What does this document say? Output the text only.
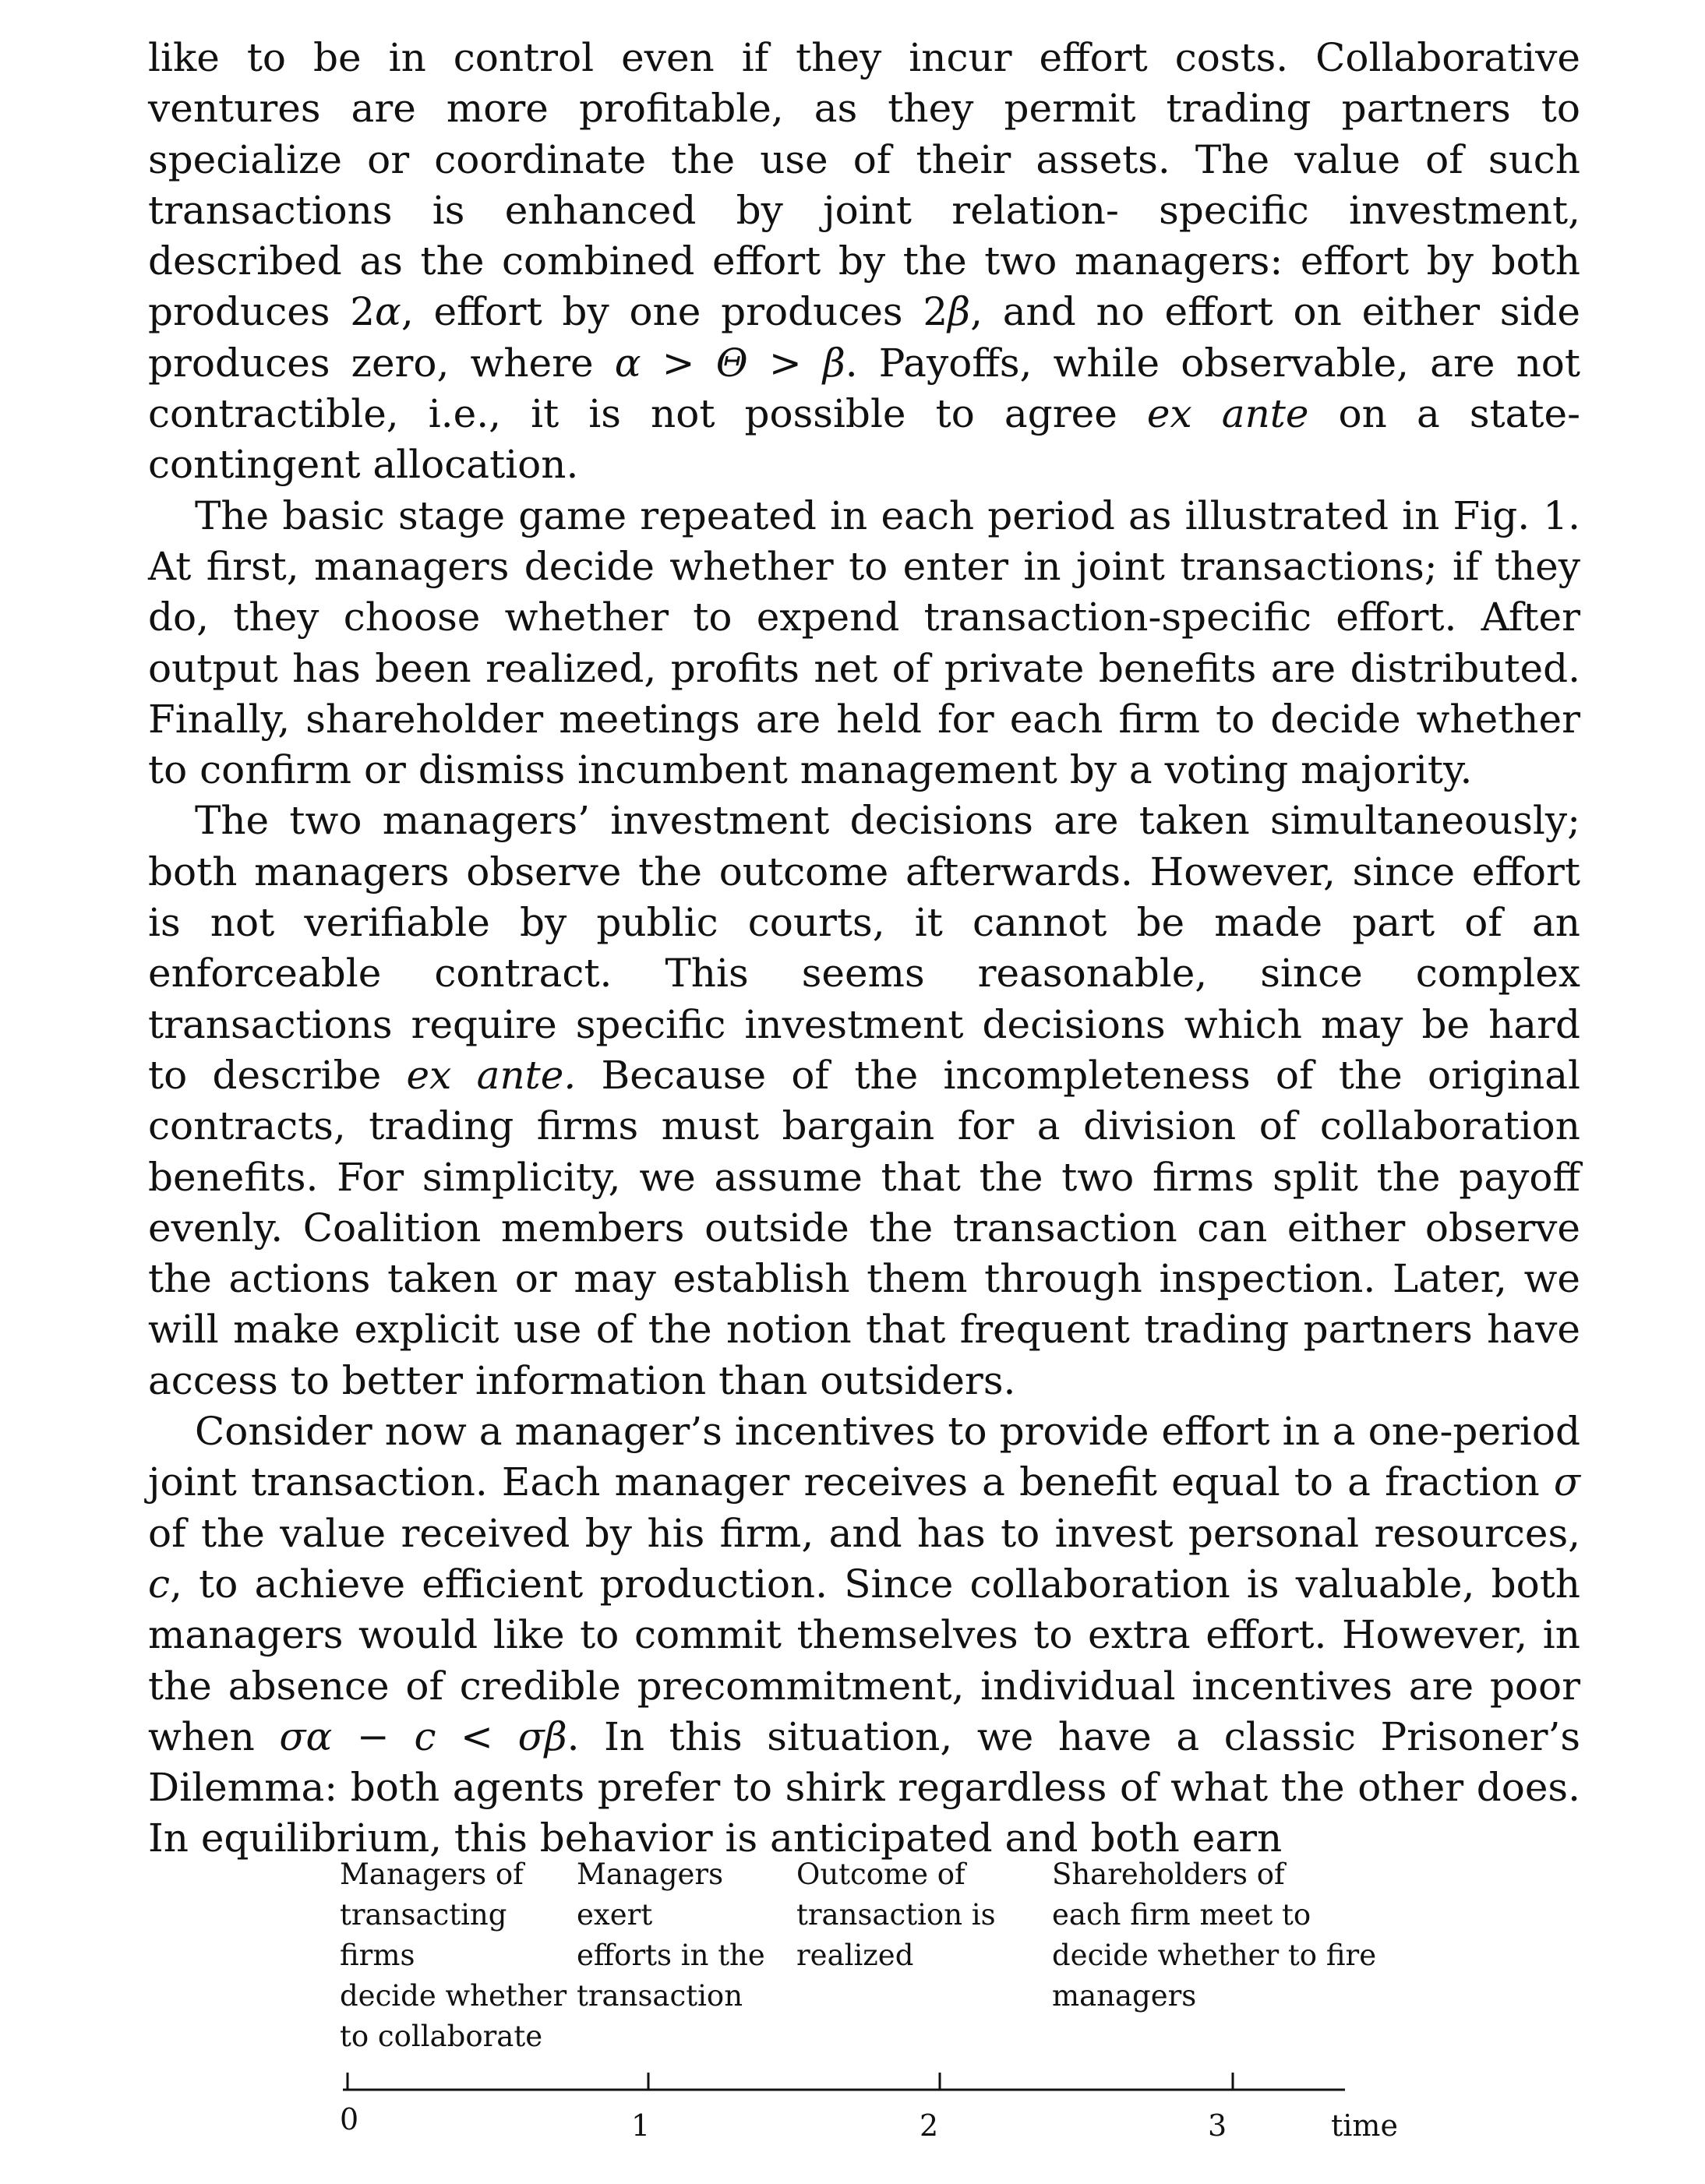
like to be in control even if they incur effort costs. Collaborative ventures are more profitable, as they permit trading partners to specialize or coordinate the use of their assets. The value of such transactions is enhanced by joint relation- specific investment, described as the combined effort by the two managers: effort by both produces 2α, effort by one produces 2β, and no effort on either side produces zero, where α > Θ > β. Payoffs, while observable, are not contractible, i.e., it is not possible to agree ex ante on a state-contingent allocation.

The basic stage game repeated in each period as illustrated in Fig. 1. At first, managers decide whether to enter in joint transactions; if they do, they choose whether to expend transaction-specific effort. After output has been realized, profits net of private benefits are distributed. Finally, shareholder meetings are held for each firm to decide whether to confirm or dismiss incumbent management by a voting majority.

The two managers’ investment decisions are taken simultaneously; both managers observe the outcome afterwards. However, since effort is not verifiable by public courts, it cannot be made part of an enforceable contract. This seems reasonable, since complex transactions require specific investment decisions which may be hard to describe ex ante. Because of the incompleteness of the original contracts, trading firms must bargain for a division of collaboration benefits. For simplicity, we assume that the two firms split the payoff evenly. Coalition members outside the transaction can either observe the actions taken or may establish them through inspection. Later, we will make explicit use of the notion that frequent trading partners have access to better information than outsiders.

Consider now a manager’s incentives to provide effort in a one-period joint transaction. Each manager receives a benefit equal to a fraction σ of the value received by his firm, and has to invest personal resources, c, to achieve efficient production. Since collaboration is valuable, both managers would like to commit themselves to extra effort. However, in the absence of credible precommitment, individual incentives are poor when σα − c < σβ. In this situation, we have a classic Prisoner’s Dilemma: both agents prefer to shirk regardless of what the other does. In equilibrium, this behavior is anticipated and both earn

Managers of
transacting firms
decide whether
to collaborate
Managers exert
efforts in the
transaction
Outcome of
transaction is
realized
Shareholders of
each firm meet to
decide whether to fire
managers
0	1	2	3	time
